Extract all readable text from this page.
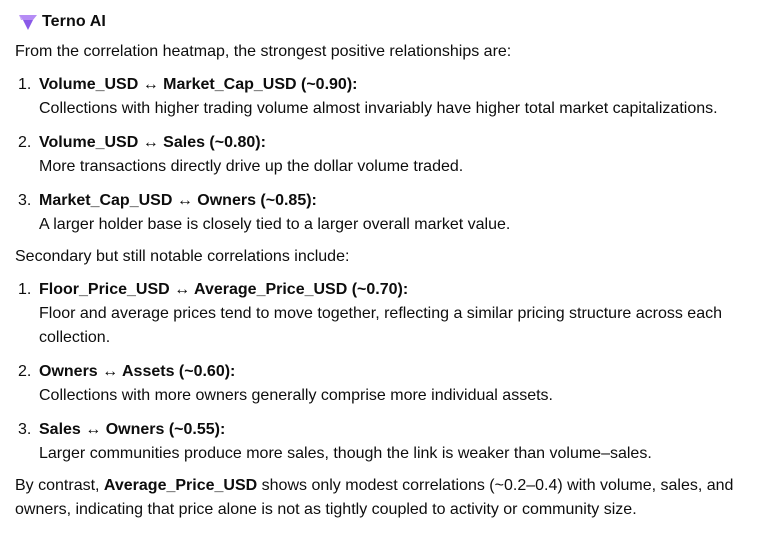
Terno AI

From the correlation heatmap, the strongest positive relationships are:

1. Volume_USD ↔ Market_Cap_USD (~0.90):
Collections with higher trading volume almost invariably have higher total market capitalizations.
2. Volume_USD ↔ Sales (~0.80):
More transactions directly drive up the dollar volume traded.
3. Market_Cap_USD ↔ Owners (~0.85):
A larger holder base is closely tied to a larger overall market value.

Secondary but still notable correlations include:

1. Floor_Price_USD ↔ Average_Price_USD (~0.70):
Floor and average prices tend to move together, reflecting a similar pricing structure across each collection.
2. Owners ↔ Assets (~0.60):
Collections with more owners generally comprise more individual assets.
3. Sales ↔ Owners (~0.55):
Larger communities produce more sales, though the link is weaker than volume–sales.

By contrast, Average_Price_USD shows only modest correlations (~0.2–0.4) with volume, sales, and owners, indicating that price alone is not as tightly coupled to activity or community size.
